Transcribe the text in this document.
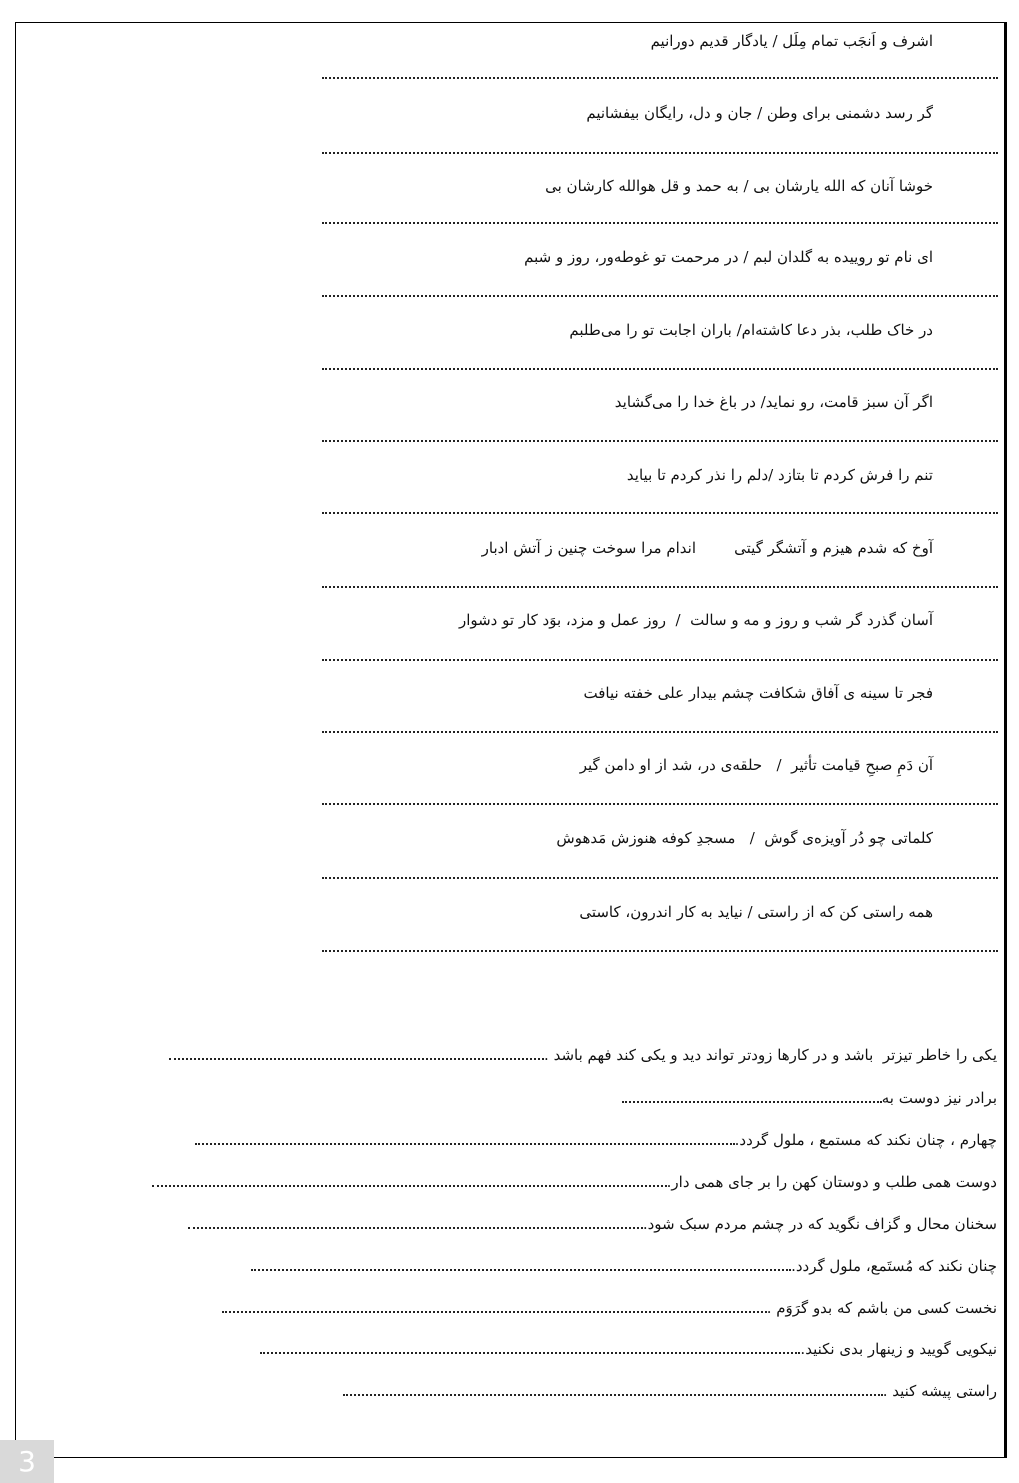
اشرف و اَنجَب تمام مِلَل / یادگار قدیم دورانیم
گر رسد دشمنی برای وطن / جان و دل، رایگان بیفشانیم
خوشا آنان که الله یارشان بی / به حمد و قل هوالله کارشان بی
ای نام تو روییده به گلدان لبم / در مرحمت تو غوطه‌ور، روز و شبم
در خاک طلب، بذر دعا کاشته‌ام/ باران اجابت تو را می‌طلبم
اگر آن سبز قامت، رو نماید/ در باغ خدا را می‌گشاید
تنم را فرش کردم تا بتازد /دلم را نذر کردم تا بیاید
آوخ که شدم هیزم و آتشگر گیتی        اندام مرا سوخت چنین ز آتش ادبار
آسان گذرد گر شب و روز و مه و سالت  /  روز عمل و مزد، بوَد کار تو دشوار
فجر تا سینه ی آفاق شکافت چشم بیدار علی خفته نیافت
آن دَمِ صبحِ قیامت تأثیر  /   حلقه‌ی در، شد از او دامن گیر
کلماتی چو دُر آویزه‌ی گوش  /   مسجدِ کوفه هنوزش مَدهوش
همه راستی کن که از راستی / نیاید به کار اندرون، کاستی
یکی را خاطر تیزتر  باشد و در کارها زودتر تواند دید و یکی کند فهم باشد .
برادر نیز دوست به
چهارم ، چنان نکند که مستمع ، ملول گردد.
دوست همی طلب و دوستان کهن را بر جای همی دار.
سخنان محال و گزاف نگوید که در چشم مردم سبک شود.
چنان نکند که مُستَمع، ملول گردد.
نخست کسی من باشم که بدو گرَوَم .
نیکویی گویید و زینهار بدی نکنید.
راستی پیشه کنید .
3
